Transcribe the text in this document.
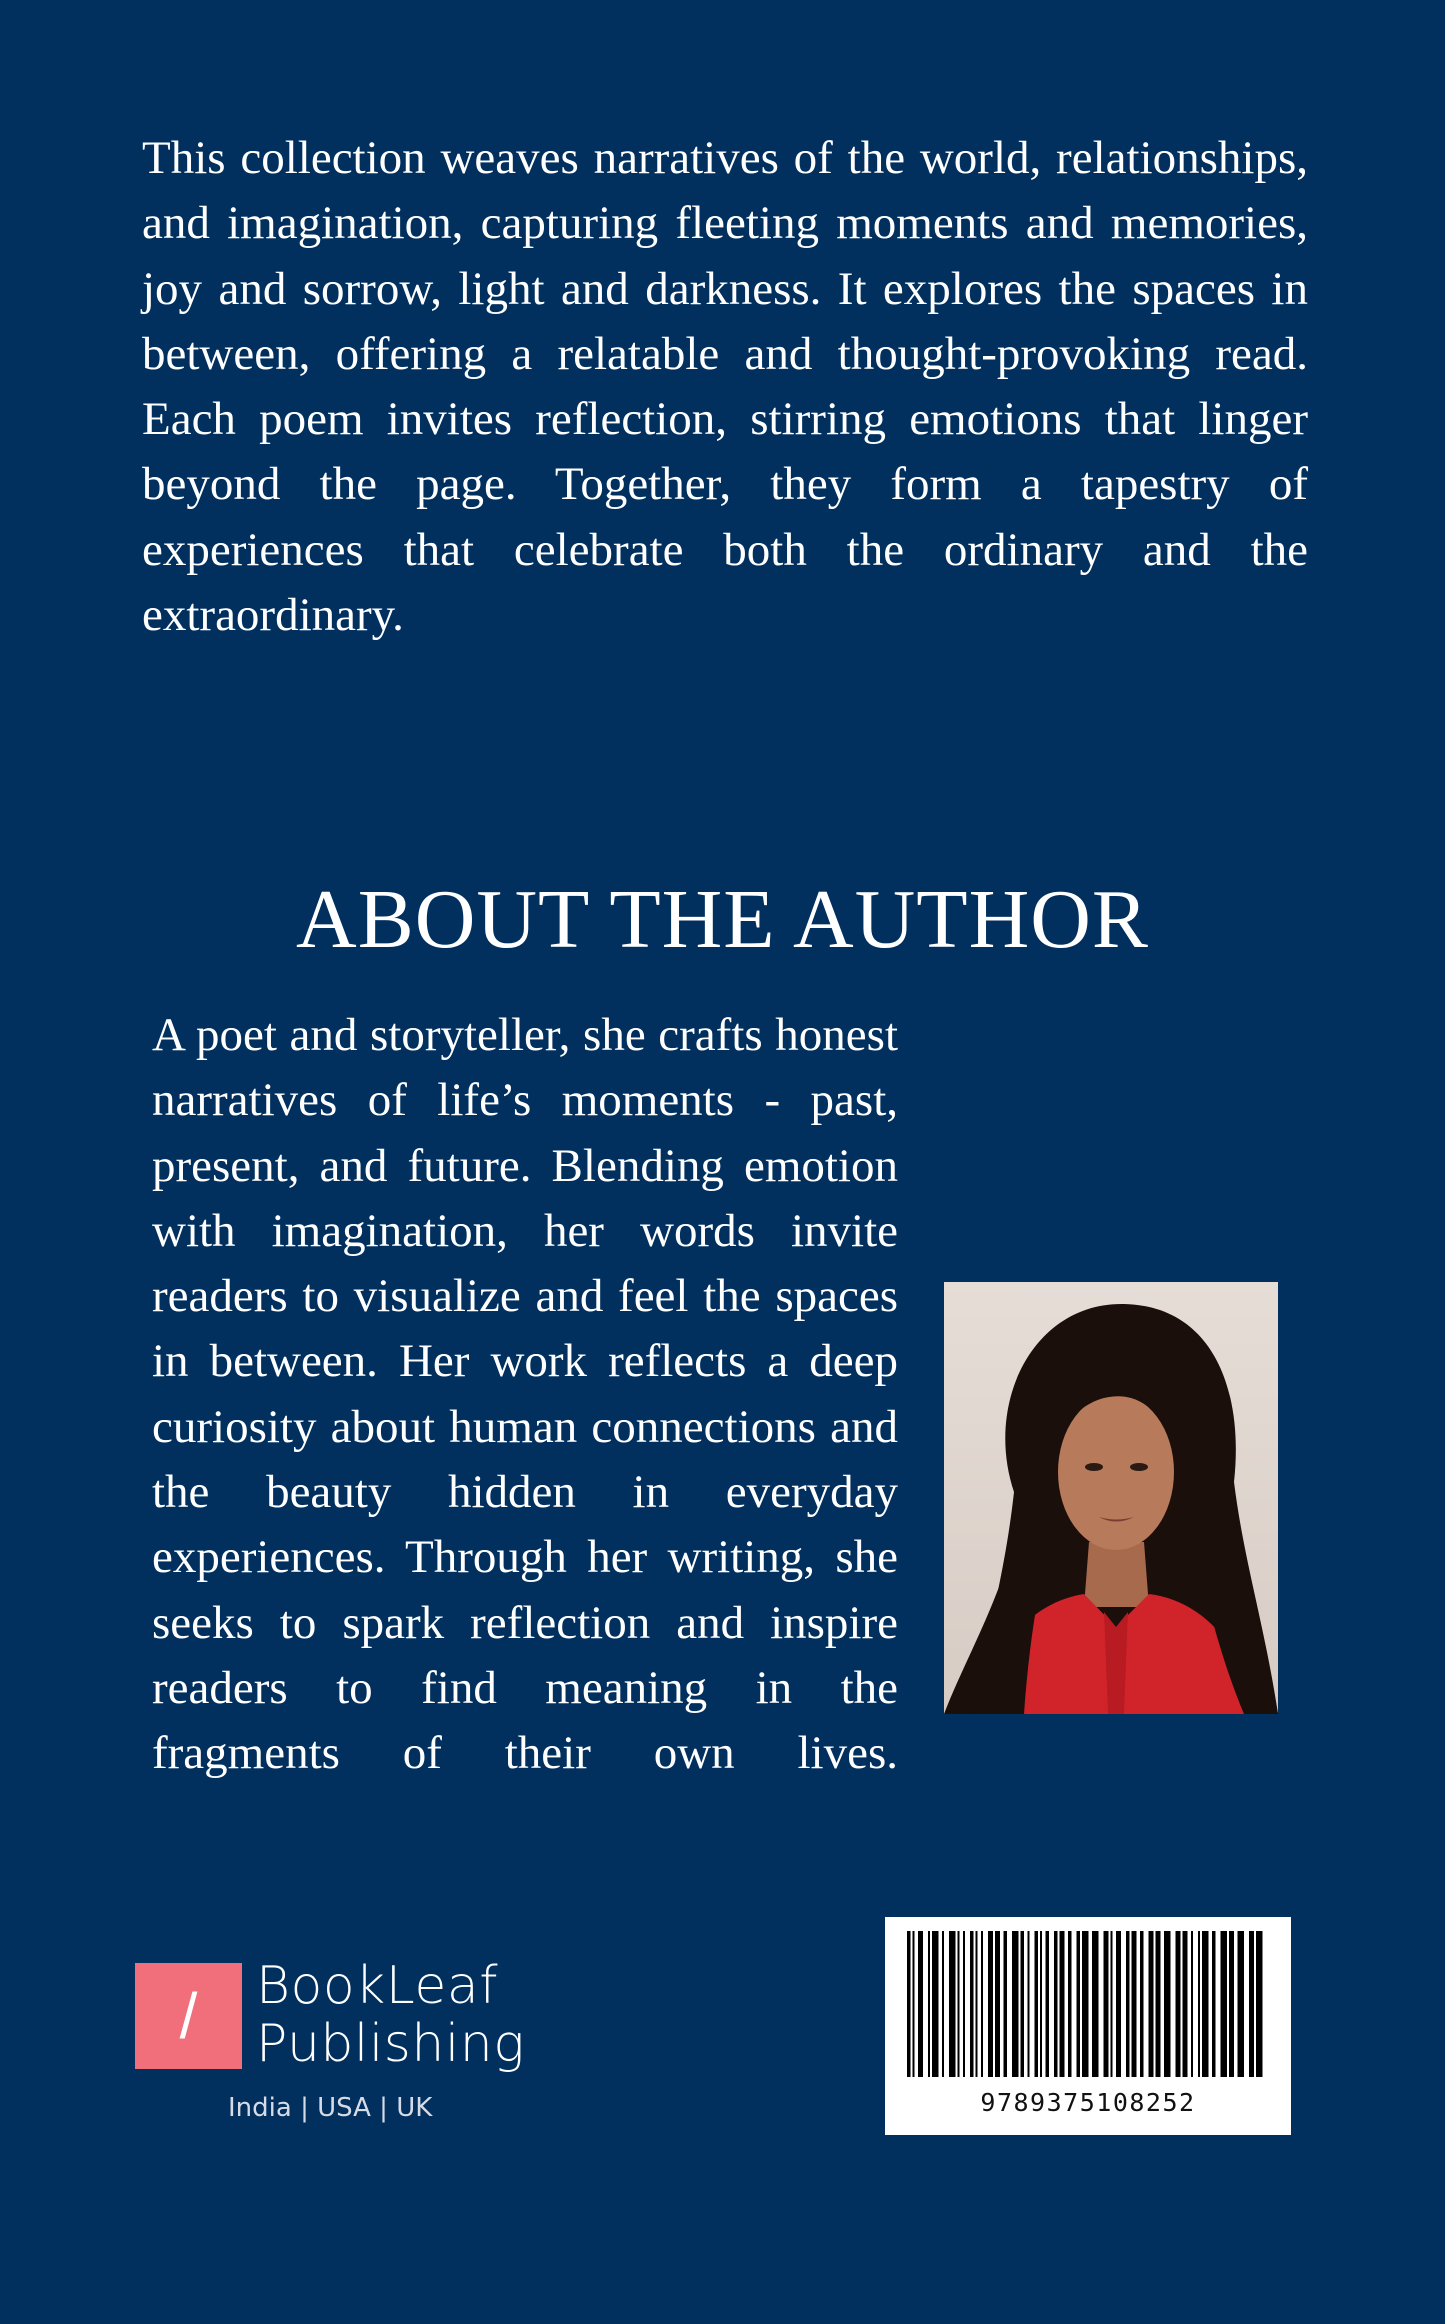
This collection weaves narratives of the world, relationships, and imagination, capturing fleeting moments and memories, joy and sorrow, light and darkness. It explores the spaces in between, offering a relatable and thought-provoking read. Each poem invites reflection, stirring emotions that linger beyond the page. Together, they form a tapestry of experiences that celebrate both the ordinary and the extraordinary.

ABOUT THE AUTHOR

A poet and storyteller, she crafts honest narratives of life’s moments - past, present, and future. Blending emotion with imagination, her words invite readers to visualize and feel the spaces in between. Her work reflects a deep curiosity about human connections and the beauty hidden in everyday experiences. Through her writing, she seeks to spark reflection and inspire readers to find meaning in the fragments of their own lives.

/	BookLeaf
Publishing
India | USA | UK	9789375108252
